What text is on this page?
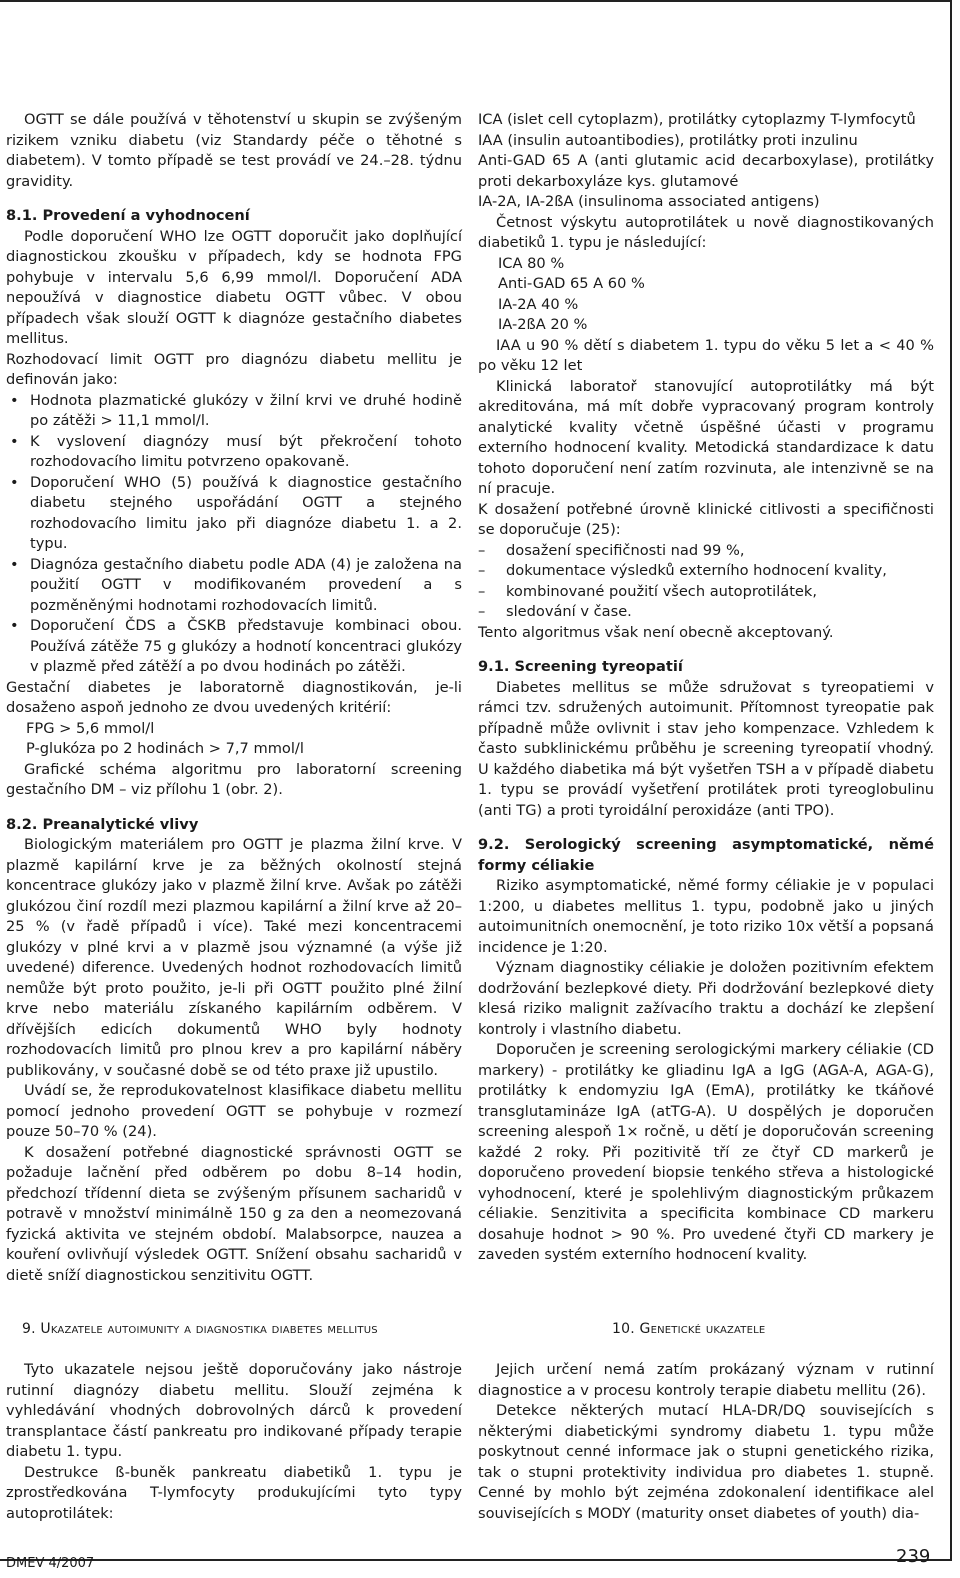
OGTT se dále používá v těhotenství u skupin se zvýšeným rizikem vzniku diabetu (viz Standardy péče o těhotné s diabetem). V tomto případě se test provádí ve 24.–28. týdnu gravidity.

8.1. Provedení a vyhodnocení

Podle doporučení WHO lze OGTT doporučit jako doplňující diagnostickou zkoušku v případech, kdy se hodnota FPG pohybuje v intervalu 5,6 6,99 mmol/l. Doporučení ADA nepoužívá v diagnostice diabetu OGTT vůbec. V obou případech však slouží OGTT k diagnóze gestačního diabetes mellitus.

Rozhodovací limit OGTT pro diagnózu diabetu mellitu je definován jako:

• Hodnota plazmatické glukózy v žilní krvi ve druhé hodině po zátěži > 11,1 mmol/l.
• K vyslovení diagnózy musí být překročení tohoto rozhodovacího limitu potvrzeno opakovaně.
• Doporučení WHO (5) používá k diagnostice gestačního diabetu stejného uspořádání OGTT a stejného rozhodovacího limitu jako při diagnóze diabetu 1. a 2. typu.
• Diagnóza gestačního diabetu podle ADA (4) je založena na použití OGTT v modifikovaném provedení a s pozměněnými hodnotami rozhodovacích limitů.
• Doporučení ČDS a ČSKB představuje kombinaci obou. Používá zátěže 75 g glukózy a hodnotí koncentraci glukózy v plazmě před zátěží a po dvou hodinách po zátěži.

Gestační diabetes je laboratorně diagnostikován, je-li dosaženo aspoň jednoho ze dvou uvedených kritérií:

FPG > 5,6 mmol/l

P-glukóza po 2 hodinách > 7,7 mmol/l

Grafické schéma algoritmu pro laboratorní screening gestačního DM – viz přílohu 1 (obr. 2).

8.2. Preanalytické vlivy

Biologickým materiálem pro OGTT je plazma žilní krve. V plazmě kapilární krve je za běžných okolností stejná koncentrace glukózy jako v plazmě žilní krve. Avšak po zátěži glukózou činí rozdíl mezi plazmou kapilární a žilní krve až 20–25 % (v řadě případů i více). Také mezi koncentracemi glukózy v plné krvi a v plazmě jsou významné (a výše již uvedené) diference. Uvedených hodnot rozhodovacích limitů nemůže být proto použito, je-li při OGTT použito plné žilní krve nebo materiálu získaného kapilárním odběrem. V dřívějších edicích dokumentů WHO byly hodnoty rozhodovacích limitů pro plnou krev a pro kapilární náběry publikovány, v současné době se od této praxe již upustilo.

Uvádí se, že reprodukovatelnost klasifikace diabetu mellitu pomocí jednoho provedení OGTT se pohybuje v rozmezí pouze 50–70 % (24).

K dosažení potřebné diagnostické správnosti OGTT se požaduje lačnění před odběrem po dobu 8–14 hodin, předchozí třídenní dieta se zvýšeným přísunem sacharidů v potravě v množství minimálně 150 g za den a neomezovaná fyzická aktivita ve stejném období. Malabsorpce, nauzea a kouření ovlivňují výsledek OGTT. Snížení obsahu sacharidů v dietě sníží diagnostickou senzitivitu OGTT.

ICA (islet cell cytoplazm), protilátky cytoplazmy T-lymfocytů

IAA (insulin autoantibodies), protilátky proti inzulinu

Anti-GAD 65 A (anti glutamic acid decarboxylase), protilátky proti dekarboxyláze kys. glutamové

IA-2A, IA-2ßA (insulinoma associated antigens)

Četnost výskytu autoprotilátek u nově diagnostikovaných diabetiků 1. typu je následující:

ICA 80 %

Anti-GAD 65 A 60 %

IA-2A 40 %

IA-2ßA 20 %

IAA u 90 % dětí s diabetem 1. typu do věku 5 let a < 40 % po věku 12 let

Klinická laboratoř stanovující autoprotilátky má být akreditována, má mít dobře vypracovaný program kontroly analytické kvality včetně úspěšné účasti v programu externího hodnocení kvality. Metodická standardizace k datu tohoto doporučení není zatím rozvinuta, ale intenzivně se na ní pracuje.

K dosažení potřebné úrovně klinické citlivosti a specifičnosti se doporučuje (25):

– dosažení specifičnosti nad 99 %,
– dokumentace výsledků externího hodnocení kvality,
– kombinované použití všech autoprotilátek,
– sledování v čase.

Tento algoritmus však není obecně akceptovaný.

9.1. Screening tyreopatií

Diabetes mellitus se může sdružovat s tyreopatiemi v rámci tzv. sdružených autoimunit. Přítomnost tyreopatie pak případně může ovlivnit i stav jeho kompenzace. Vzhledem k často subklinickému průběhu je screening tyreopatií vhodný. U každého diabetika má být vyšetřen TSH a v případě diabetu 1. typu se provádí vyšetření protilátek proti tyreoglobulinu (anti TG) a proti tyroidální peroxidáze (anti TPO).

9.2. Serologický screening asymptomatické, němé formy céliakie

Riziko asymptomatické, němé formy céliakie je v populaci 1:200, u diabetes mellitus 1. typu, podobně jako u jiných autoimunitních onemocnění, je toto riziko 10x větší a popsaná incidence je 1:20.

Význam diagnostiky céliakie je doložen pozitivním efektem dodržování bezlepkové diety. Při dodržování bezlepkové diety klesá riziko malignit zažívacího traktu a dochází ke zlepšení kontroly i vlastního diabetu.

Doporučen je screening serologickými markery céliakie (CD markery) - protilátky ke gliadinu IgA a IgG (AGA-A, AGA-G), protilátky k endomyziu IgA (EmA), protilátky ke tkáňové transglutamináze IgA (atTG-A). U dospělých je doporučen screening alespoň 1× ročně, u dětí je doporučován screening každé 2 roky. Při pozitivitě tří ze čtyř CD markerů je doporučeno provedení biopsie tenkého střeva a histologické vyhodnocení, které je spolehlivým diagnostickým průkazem céliakie. Senzitivita a specificita kombinace CD markeru dosahuje hodnot > 90 %. Pro uvedené čtyři CD markery je zaveden systém externího hodnocení kvality.

9. Ukazatele autoimunity a diagnostika diabetes mellitus	10. Genetické ukazatele

Tyto ukazatele nejsou ještě doporučovány jako nástroje rutinní diagnózy diabetu mellitu. Slouží zejména k vyhledávání vhodných dobrovolných dárců k provedení transplantace částí pankreatu pro indikované případy terapie diabetu 1. typu.

Destrukce ß-buněk pankreatu diabetiků 1. typu je zprostředkována T-lymfocyty produkujícími tyto typy autoprotilátek:

Jejich určení nemá zatím prokázaný význam v rutinní diagnostice a v procesu kontroly terapie diabetu mellitu (26).

Detekce některých mutací HLA-DR/DQ souvisejících s některými diabetickými syndromy diabetu 1. typu může poskytnout cenné informace jak o stupni genetického rizika, tak o stupni protektivity individua pro diabetes 1. stupně. Cenné by mohlo být zejména zdokonalení identifikace alel souvisejících s MODY (maturity onset diabetes of youth) dia-

DMEV 4/2007	239
